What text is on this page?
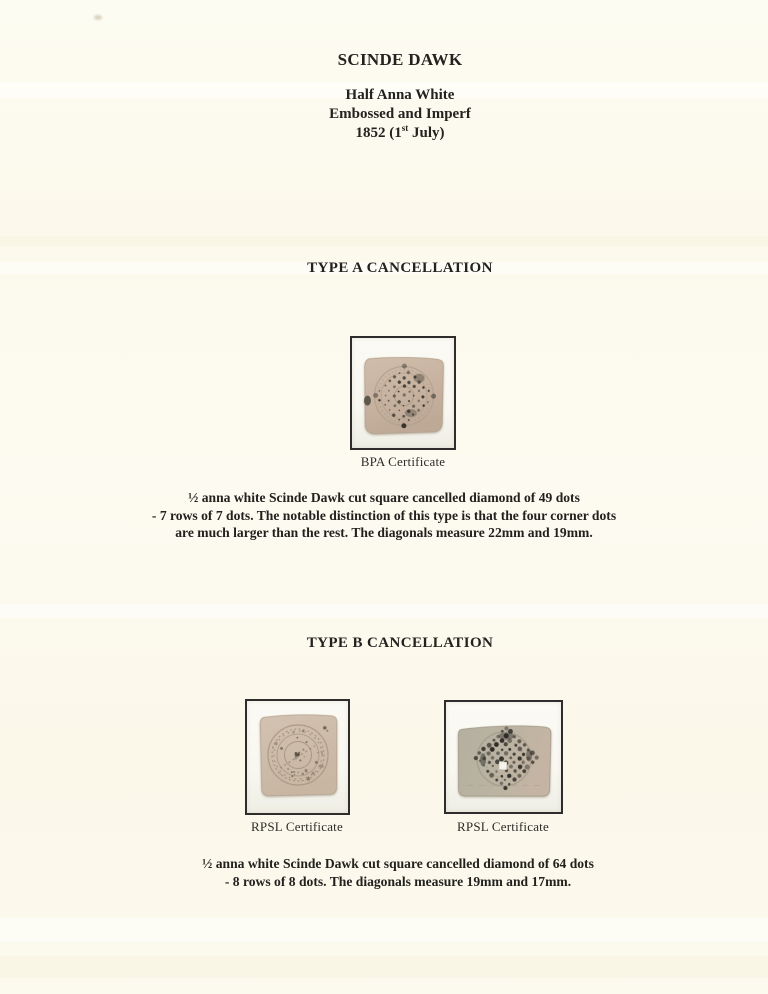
SCINDE DAWK
Half Anna White
Embossed and Imperf
1852 (1st July)
TYPE A CANCELLATION
BPA Certificate
½ anna white Scinde Dawk cut square cancelled diamond of 49 dots
- 7 rows of 7 dots. The notable distinction of this type is that the four corner dots
are much larger than the rest. The diagonals measure 22mm and 19mm.
TYPE B CANCELLATION
RPSL Certificate	RPSL Certificate
½ anna white Scinde Dawk cut square cancelled diamond of 64 dots
- 8 rows of 8 dots. The diagonals measure 19mm and 17mm.
